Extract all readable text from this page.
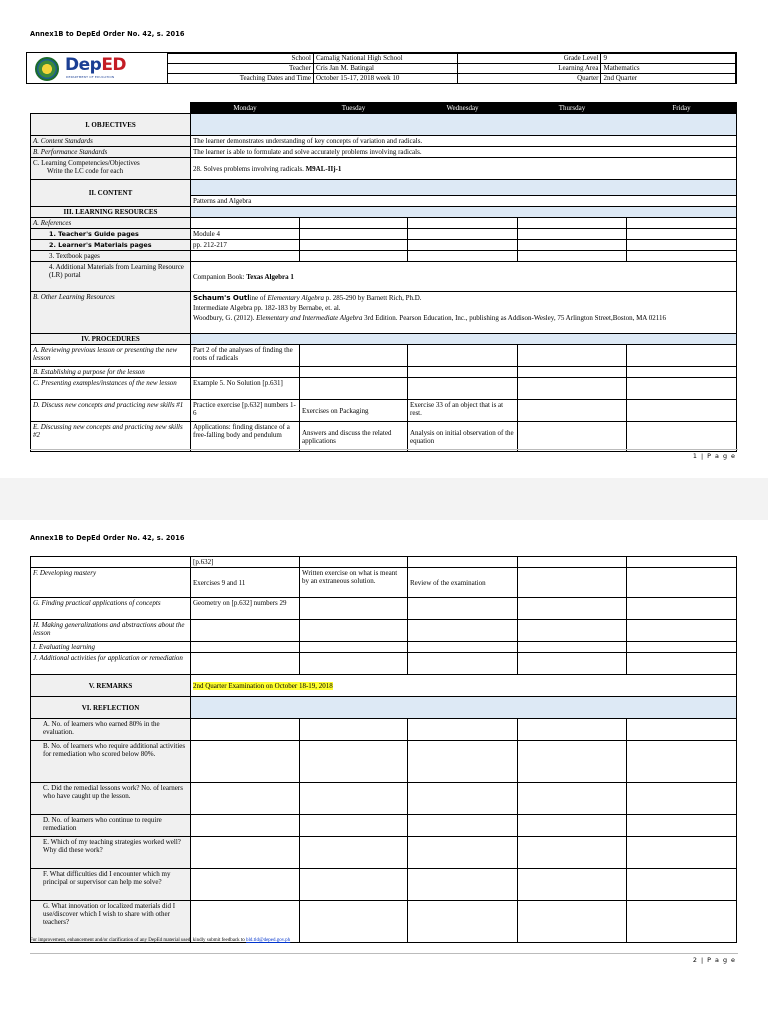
Annex1B to DepEd Order No. 42, s. 2016
DepED
DEPARTMENT OF EDUCATION
School	Camalig National High School
Teacher	Cris Jan M. Batingal
Teaching Dates and Time	October 15-17, 2018 week 10
Grade Level	9
Learning Area	Mathematics
Quarter	2nd Quarter
	Monday	Tuesday	Wednesday	Thursday	Friday
I. OBJECTIVES					
A. Content Standards	The learner demonstrates understanding of key concepts of variation and radicals.				
B. Performance Standards	The learner is able to formulate and solve accurately problems involving radicals.				
C. Learning Competencies/Objectives
Write the LC code for each	28. Solves problems involving radicals. M9AL-IIj-1				
II. CONTENT					
	Patterns and Algebra				
III. LEARNING RESOURCES					
A. References					
1. Teacher's Guide pages	Module 4				
2. Learner's Materials pages	pp. 212-217				
3. Textbook pages					
4. Additional Materials from Learning Resource (LR) portal	Companion Book: Texas Algebra 1				
B. Other Learning Resources	Schaum's Outline of Elementary Algebra p. 285-290 by Barnett Rich, Ph.D.
Intermediate Algebra pp. 182-183 by Bernabe, et. al.
Woodbury, G. (2012). Elementary and Intermediate Algebra 3rd Edition. Pearson Education, Inc., publishing as Addison-Wesley, 75 Arlington Street,Boston, MA 02116				
IV. PROCEDURES					
A. Reviewing previous lesson or presenting the new lesson	Part 2 of the analyses of finding the roots of radicals				
B. Establishing a purpose for the lesson					
C. Presenting examples/instances of the new lesson	Example 5. No Solution [p.631]				
D. Discuss new concepts and practicing new skills #1	Practice exercise [p.632] numbers 1-6	Exercises on Packaging	Exercise 33 of an object that is at rest.		
E. Discussing new concepts and practicing new skills #2	Applications: finding distance of a free-falling body and pendulum	Answers and discuss the related applications	Analysis on initial observation of the equation		
1 | P a g e
Annex1B to DepEd Order No. 42, s. 2016
	[p.632]				
F. Developing mastery	Exercises 9 and 11	Written exercise on what is meant by an extraneous solution.	Review of the examination		
G. Finding practical applications of concepts	Geometry on [p.632] numbers 29				
H. Making generalizations and abstractions about the lesson					
I. Evaluating learning					
J. Additional activities for application or remediation					
V. REMARKS	2nd Quarter Examination on October 18-19, 2018				
VI. REFLECTION					
A. No. of learners who earned 80% in the evaluation.					
B. No. of learners who require additional activities for remediation who scored below 80%.					
C. Did the remedial lessons work? No. of learners who have caught up the lesson.					
D. No. of learners who continue to require remediation					
E. Which of my teaching strategies worked well? Why did these work?					
F. What difficulties did I encounter which my principal or supervisor can help me solve?					
G. What innovation or localized materials did I use/discover which I wish to share with other teachers?					
For improvement, enhancement and/or clarification of any DepEd material used, kindly submit feedback to bld.tld@deped.gov.ph
2 | P a g e
